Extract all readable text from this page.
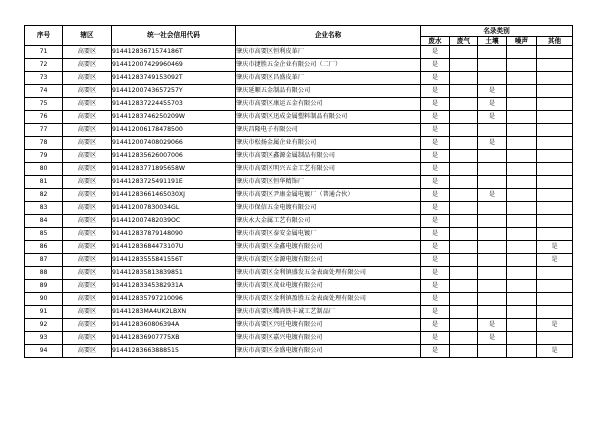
序号	辖区	统一社会信用代码	企业名称	名录类别				
				废水	废气	土壤	噪声	其他
71	高要区	91441283671574186T	肇庆市高要区恒利皮革厂	是				
72	高要区	914412007429960469	肇庆市捷胜五金企业有限公司（二厂）	是				
73	高要区	91441283749153092T	肇庆市高要区昌盛皮革厂	是				
74	高要区	91441200743657257Y	肇庆延顺五金制品有限公司	是		是		
75	高要区	914412837224455703	肇庆市高要区康运五金有限公司	是		是		
76	高要区	91441283746250209W	肇庆市高要区迅成金属塑料制品有限公司	是		是		
77	高要区	914412006178478500	肇庆昌隆电子有限公司	是				
78	高要区	914412007408029066	肇庆市松扬金属企业有限公司	是		是		
79	高要区	914412835626007006	肇庆市高要区鑫源金属制品有限公司	是				
80	高要区	91441283771895658W	肇庆市高要区明兴五金工艺有限公司	是				
81	高要区	91441283725491191E	肇庆市高要区恒华精饰厂	是				
82	高要区	91441283661465030XJ	肇庆市高要区尹康金属电镀厂（普通合伙）	是		是		
83	高要区	914412007830034GL	肇庆市保信五金电镀有限公司	是				
84	高要区	914412007482039OC	肇庆永大金属工艺有限公司	是				
85	高要区	914412837879148090	肇庆市高要区泰安金属电镀厂	是				
86	高要区	91441283684473107U	肇庆市高要区金鑫电镀有限公司	是				是
87	高要区	91441283555841556T	肇庆市高要区金源电镀有限公司	是				是
88	高要区	914412835813839851	肇庆市高要区金利镇盛发五金表面处理有限公司	是				
89	高要区	91441283345382931A	肇庆市高要区茂业电镀有限公司	是				
90	高要区	914412835797210096	肇庆市高要区金利镇盈胜五金表面处理有限公司	是				
91	高要区	91441283MA4UK2LBXN	肇庆市高要区蝶尚铁丰诚工艺制品厂	是				
92	高要区	9144128360806394A	肇庆市高要区兴旺电镀有限公司	是		是		是
93	高要区	914412836907775XB	肇庆市高要区嘉兴电镀有限公司	是		是		
94	高要区	91441283663888515	肇庆市高要区金盛电镀有限公司	是				是
